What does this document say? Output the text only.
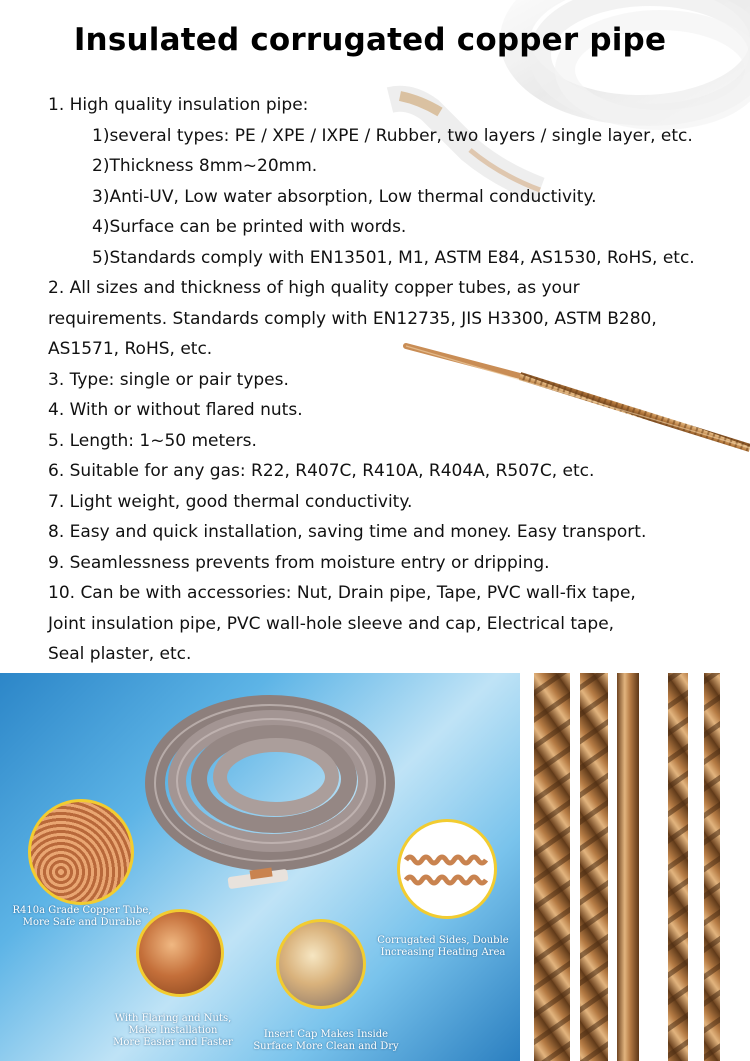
Insulated corrugated copper pipe
1. High quality insulation pipe:
1)several types: PE / XPE / IXPE / Rubber, two layers / single layer, etc.
2)Thickness 8mm~20mm.
3)Anti-UV, Low water absorption, Low thermal conductivity.
4)Surface can be printed with words.
5)Standards comply with EN13501, M1, ASTM E84, AS1530, RoHS, etc.
2. All sizes and thickness of high quality copper tubes, as your
requirements. Standards comply with EN12735, JIS H3300, ASTM B280,
AS1571, RoHS, etc.
3. Type: single or pair types.
4. With or without flared nuts.
5. Length: 1~50 meters.
6. Suitable for any gas: R22, R407C, R410A, R404A, R507C, etc.
7. Light weight, good thermal conductivity.
8. Easy and quick installation, saving time and money. Easy transport.
9. Seamlessness prevents from moisture entry or dripping.
10. Can be with accessories: Nut, Drain pipe, Tape, PVC wall-fix tape,
Joint insulation pipe, PVC wall-hole sleeve and cap, Electrical tape,
Seal plaster, etc.
R410a Grade Copper Tube,
More Safe and Durable
With Flaring and Nuts,
Make Installation
More Easier and Faster
Insert Cap Makes Inside
Surface More Clean and Dry
Corrugated Sides, Double
Increasing Heating Area
